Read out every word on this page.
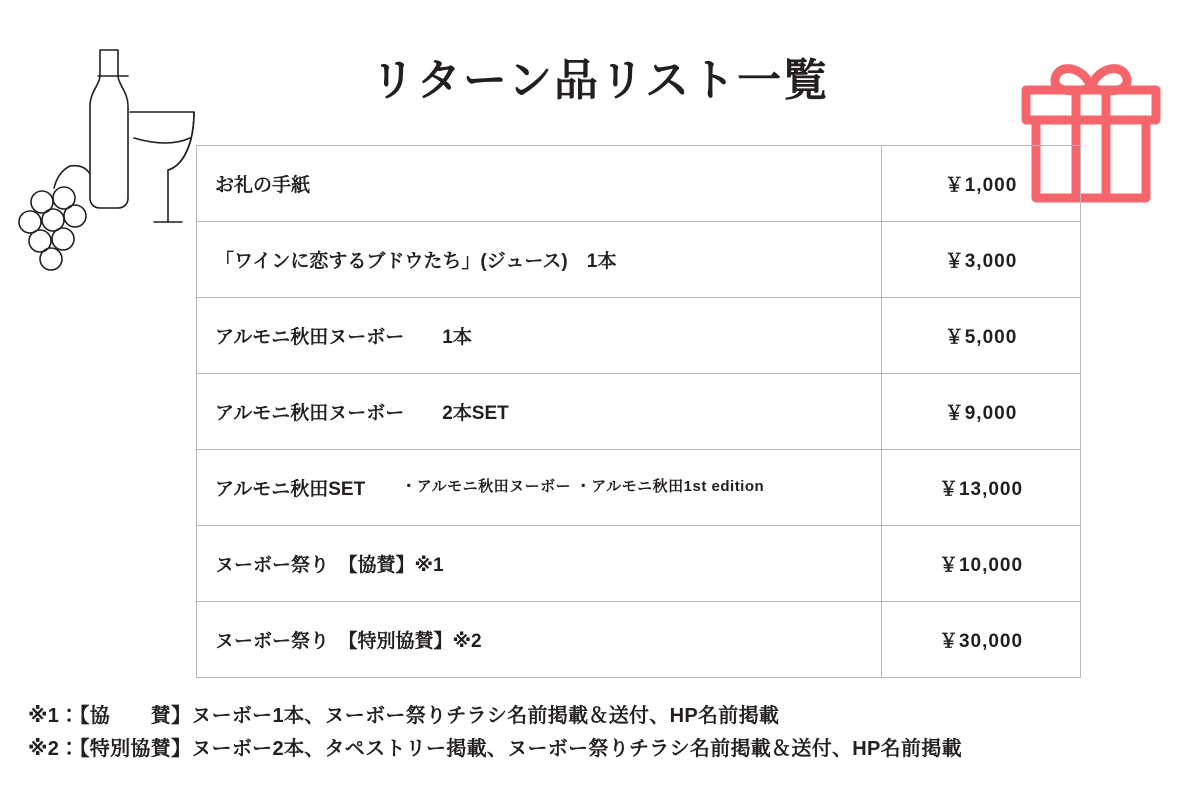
リターン品リスト一覧
お礼の手紙	￥1,000

「ワインに恋するブドウたち」(ジュース)　1本	￥3,000

アルモニ秋田ヌーボー　　1本	￥5,000

アルモニ秋田ヌーボー　　2本SET	￥9,000

アルモニ秋田SET ・アルモニ秋田ヌーボー ・アルモニ秋田1st edition	￥13,000

ヌーボー祭り　【協賛】※1	￥10,000

ヌーボー祭り　【特別協賛】※2	￥30,000
※1：【協　　賛】ヌーボー1本、ヌーボー祭りチラシ名前掲載＆送付、HP名前掲載
※2：【特別協賛】ヌーボー2本、タペストリー掲載、ヌーボー祭りチラシ名前掲載＆送付、HP名前掲載
